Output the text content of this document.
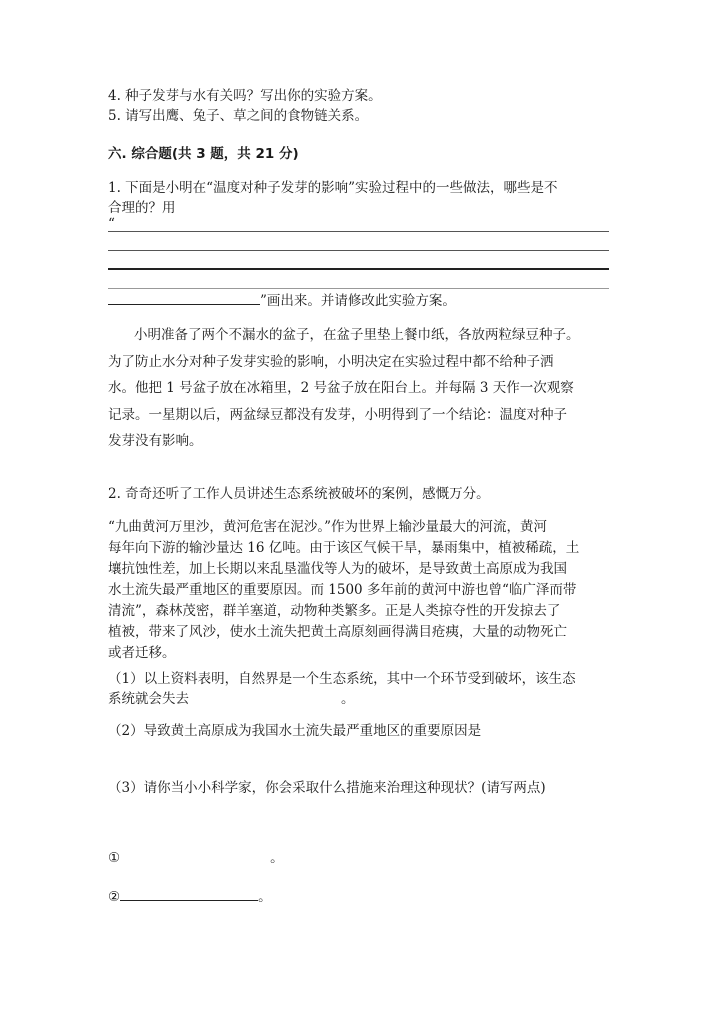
4. 种子发芽与水有关吗？写出你的实验方案。
5. 请写出鹰、兔子、草之间的食物链关系。
六. 综合题(共 3 题，共 21 分)
1. 下面是小明在“温度对种子发芽的影响”实验过程中的一些做法，哪些是不
合理的？用
“
”画出来。并请修改此实验方案。
小明准备了两个不漏水的盆子，在盆子里垫上餐巾纸，各放两粒绿豆种子。
为了防止水分对种子发芽实验的影响，小明决定在实验过程中都不给种子洒
水。他把 1 号盆子放在冰箱里，2 号盆子放在阳台上。并每隔 3 天作一次观察
记录。一星期以后，两盆绿豆都没有发芽，小明得到了一个结论：温度对种子
发芽没有影响。
2. 奇奇还听了工作人员讲述生态系统被破坏的案例，感慨万分。
“九曲黄河万里沙，黄河危害在泥沙。”作为世界上输沙量最大的河流，黄河
每年向下游的输沙量达 16 亿吨。由于该区气候干旱，暴雨集中，植被稀疏，土
壤抗蚀性差，加上长期以来乱垦滥伐等人为的破坏，是导致黄土高原成为我国
水土流失最严重地区的重要原因。而 1500 多年前的黄河中游也曾“临广泽而带
清流”，森林茂密，群羊塞道，动物种类繁多。正是人类掠夺性的开发掠去了
植被，带来了风沙，使水土流失把黄土高原刻画得满目疮痍，大量的动物死亡
或者迁移。
（1）以上资料表明，自然界是一个生态系统，其中一个环节受到破坏，该生态
系统就会失去	。
（2）导致黄土高原成为我国水土流失最严重地区的重要原因是
（3）请你当小小科学家，你会采取什么措施来治理这种现状？(请写两点)
①	。
②	。
